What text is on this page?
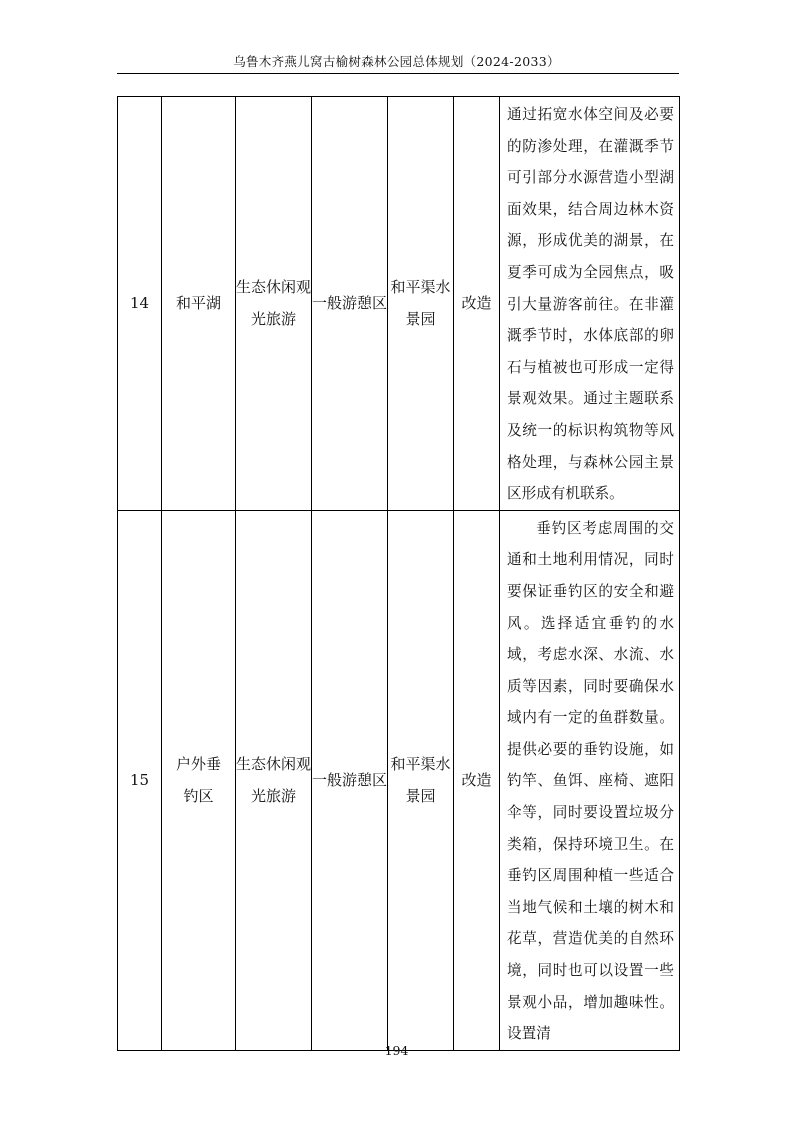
乌鲁木齐燕儿窝古榆树森林公园总体规划（2024-2033）
14	和平湖	生态休闲观光旅游	一般游憩区	和平渠水景园	改造	通过拓宽水体空间及必要的防渗处理，在灌溉季节可引部分水源营造小型湖面效果，结合周边林木资源，形成优美的湖景，在夏季可成为全园焦点，吸引大量游客前往。在非灌溉季节时，水体底部的卵石与植被也可形成一定得景观效果。通过主题联系及统一的标识构筑物等风格处理，与森林公园主景区形成有机联系。
15	户外垂钓区	生态休闲观光旅游	一般游憩区	和平渠水景园	改造	垂钓区考虑周围的交通和土地利用情况，同时要保证垂钓区的安全和避风。选择适宜垂钓的水域，考虑水深、水流、水质等因素，同时要确保水域内有一定的鱼群数量。提供必要的垂钓设施，如钓竿、鱼饵、座椅、遮阳伞等，同时要设置垃圾分类箱，保持环境卫生。在垂钓区周围种植一些适合当地气候和土壤的树木和花草，营造优美的自然环境，同时也可以设置一些景观小品，增加趣味性。设置清
194
